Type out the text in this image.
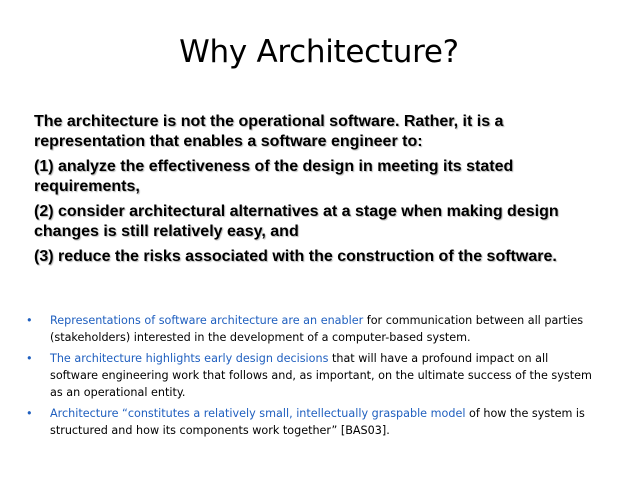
Why Architecture?

The architecture is not the operational software. Rather, it is a representation that enables a software engineer to:

(1) analyze the effectiveness of the design in meeting its stated requirements,

(2) consider architectural alternatives at a stage when making design changes is still relatively easy, and

(3) reduce the risks associated with the construction of the software.

• Representations of software architecture are an enabler for communication between all parties (stakeholders) interested in the development of a computer-based system.
• The architecture highlights early design decisions that will have a profound impact on all software engineering work that follows and, as important, on the ultimate success of the system as an operational entity.
• Architecture “constitutes a relatively small, intellectually graspable model of how the system is structured and how its components work together” [BAS03].
